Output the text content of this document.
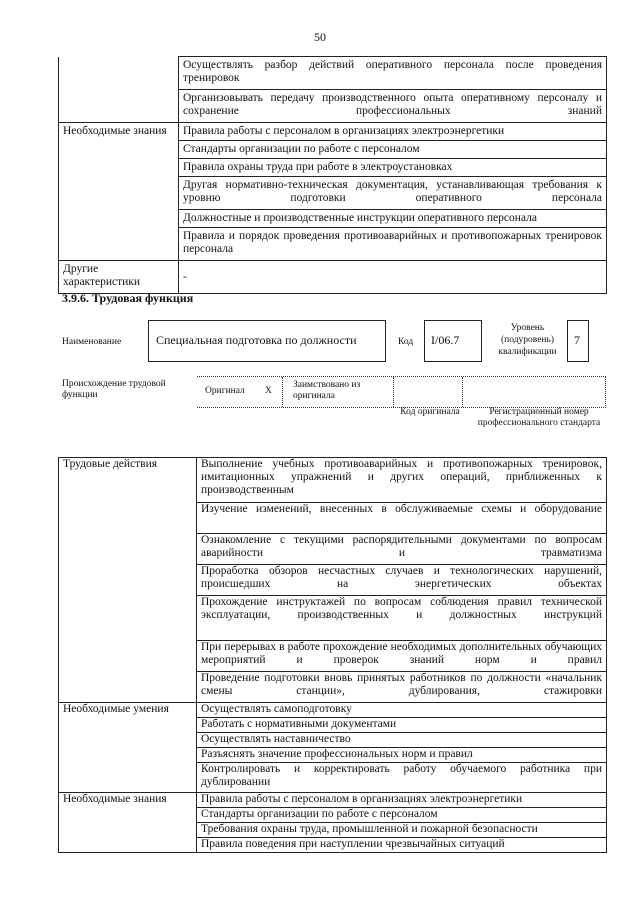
50
	Осуществлять разбор действий оперативного персонала после проведения тренировок
	Организовывать передачу производственного опыта оперативному персоналу и сохранение профессиональных знаний
Необходимые знания	Правила работы с персоналом в организациях электроэнергетики
	Стандарты организации по работе с персоналом
	Правила охраны труда при работе в электроустановках
	Другая нормативно-техническая документация, устанавливающая требования к уровню подготовки оперативного персонала
	Должностные и производственные инструкции оперативного персонала
	Правила и порядок проведения противоаварийных и противопожарных тренировок персонала
Другие характеристики	-
3.9.6. Трудовая функция
Наименование	Специальная подготовка по должности	Код	I/06.7
Уровень (подуровень) квалификации
7
Происхождение трудовой функции	Оригинал X
Заимствовано из оригинала
Код оригинала	Регистрационный номер профессионального стандарта
Трудовые действия	Выполнение учебных противоаварийных и противопожарных тренировок, имитационных упражнений и других операций, приближенных к производственным
	Изучение изменений, внесенных в обслуживаемые схемы и оборудование
	Ознакомление с текущими распорядительными документами по вопросам аварийности и травматизма
	Проработка обзоров несчастных случаев и технологических нарушений, происшедших на энергетических объектах
	Прохождение инструктажей по вопросам соблюдения правил технической эксплуатации, производственных и должностных инструкций
	При перерывах в работе прохождение необходимых дополнительных обучающих мероприятий и проверок знаний норм и правил
	Проведение подготовки вновь принятых работников по должности «начальник смены станции», дублирования, стажировки
Необходимые умения	Осуществлять самоподготовку
	Работать с нормативными документами
	Осуществлять наставничество
	Разъяснять значение профессиональных норм и правил
	Контролировать и корректировать работу обучаемого работника при дублировании
Необходимые знания	Правила работы с персоналом в организациях электроэнергетики
	Стандарты организации по работе с персоналом
	Требования охраны труда, промышленной и пожарной безопасности
	Правила поведения при наступлении чрезвычайных ситуаций
